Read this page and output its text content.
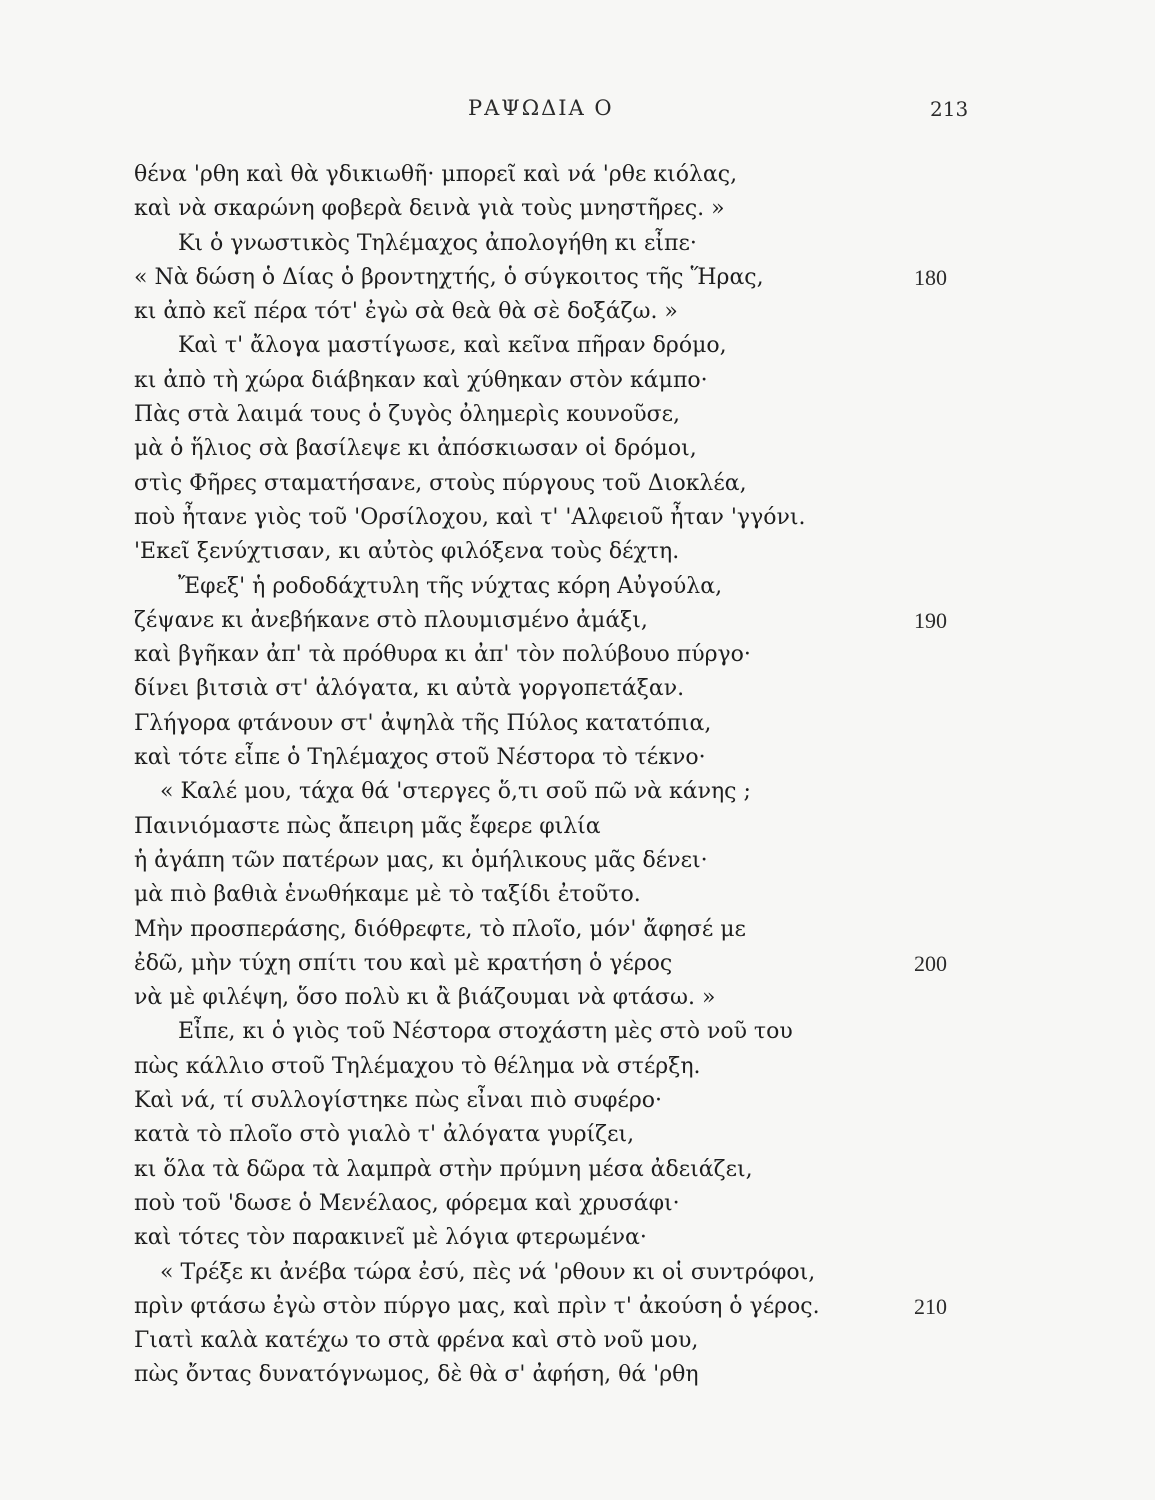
ΡΑΨΩΔΙΑ Ο	213
θένα 'ρθη καὶ θὰ γδικιωθῆ· μπορεῖ καὶ νά 'ρθε κιόλας,
καὶ νὰ σκαρώνη φοβερὰ δεινὰ γιὰ τοὺς μνηστῆρες. »
Κι ὁ γνωστικὸς Τηλέμαχος ἀπολογήθη κι εἶπε·
« Νὰ δώση ὁ Δίας ὁ βροντηχτής, ὁ σύγκοιτος τῆς Ἥρας,	180
κι ἀπὸ κεῖ πέρα τότ' ἐγὼ σὰ θεὰ θὰ σὲ δοξάζω. »
Καὶ τ' ἄλογα μαστίγωσε, καὶ κεῖνα πῆραν δρόμο,
κι ἀπὸ τὴ χώρα διάβηκαν καὶ χύθηκαν στὸν κάμπο·
Πὰς στὰ λαιμά τους ὁ ζυγὸς ὀλημερὶς κουνοῦσε,
μὰ ὁ ἥλιος σὰ βασίλεψε κι ἀπόσκιωσαν οἱ δρόμοι,
στὶς Φῆρες σταματήσανε, στοὺς πύργους τοῦ Διοκλέα,
ποὺ ἦτανε γιὸς τοῦ 'Ορσίλοχου, καὶ τ' 'Αλφειοῦ ἦταν 'γγόνι.
'Εκεῖ ξενύχτισαν, κι αὐτὸς φιλόξενα τοὺς δέχτη.
Ἔφεξ' ἡ ροδοδάχτυλη τῆς νύχτας κόρη Αὐγούλα,
ζέψανε κι ἀνεβήκανε στὸ πλουμισμένο ἀμάξι,	190
καὶ βγῆκαν ἀπ' τὰ πρόθυρα κι ἀπ' τὸν πολύβουο πύργο·
δίνει βιτσιὰ στ' ἀλόγατα, κι αὐτὰ γοργοπετάξαν.
Γλήγορα φτάνουν στ' ἀψηλὰ τῆς Πύλος κατατόπια,
καὶ τότε εἶπε ὁ Τηλέμαχος στοῦ Νέστορα τὸ τέκνο·
« Καλέ μου, τάχα θά 'στεργες ὅ,τι σοῦ πῶ νὰ κάνης ;
Παινιόμαστε πὼς ἄπειρη μᾶς ἔφερε φιλία
ἡ ἀγάπη τῶν πατέρων μας, κι ὁμήλικους μᾶς δένει·
μὰ πιὸ βαθιὰ ἑνωθήκαμε μὲ τὸ ταξίδι ἐτοῦτο.
Μὴν προσπεράσης, διόθρεφτε, τὸ πλοῖο, μόν' ἄφησέ με
ἐδῶ, μὴν τύχη σπίτι του καὶ μὲ κρατήση ὁ γέρος	200
νὰ μὲ φιλέψη, ὅσο πολὺ κι ἂ βιάζουμαι νὰ φτάσω. »
Εἶπε, κι ὁ γιὸς τοῦ Νέστορα στοχάστη μὲς στὸ νοῦ του
πὼς κάλλιο στοῦ Τηλέμαχου τὸ θέλημα νὰ στέρξη.
Καὶ νά, τί συλλογίστηκε πὼς εἶναι πιὸ συφέρο·
κατὰ τὸ πλοῖο στὸ γιαλὸ τ' ἀλόγατα γυρίζει,
κι ὅλα τὰ δῶρα τὰ λαμπρὰ στὴν πρύμνη μέσα ἀδειάζει,
ποὺ τοῦ 'δωσε ὁ Μενέλαος, φόρεμα καὶ χρυσάφι·
καὶ τότες τὸν παρακινεῖ μὲ λόγια φτερωμένα·
« Τρέξε κι ἀνέβα τώρα ἐσύ, πὲς νά 'ρθουν κι οἱ συντρόφοι,
πρὶν φτάσω ἐγὼ στὸν πύργο μας, καὶ πρὶν τ' ἀκούση ὁ γέρος.	210
Γιατὶ καλὰ κατέχω το στὰ φρένα καὶ στὸ νοῦ μου,
πὼς ὄντας δυνατόγνωμος, δὲ θὰ σ' ἀφήση, θά 'ρθη
